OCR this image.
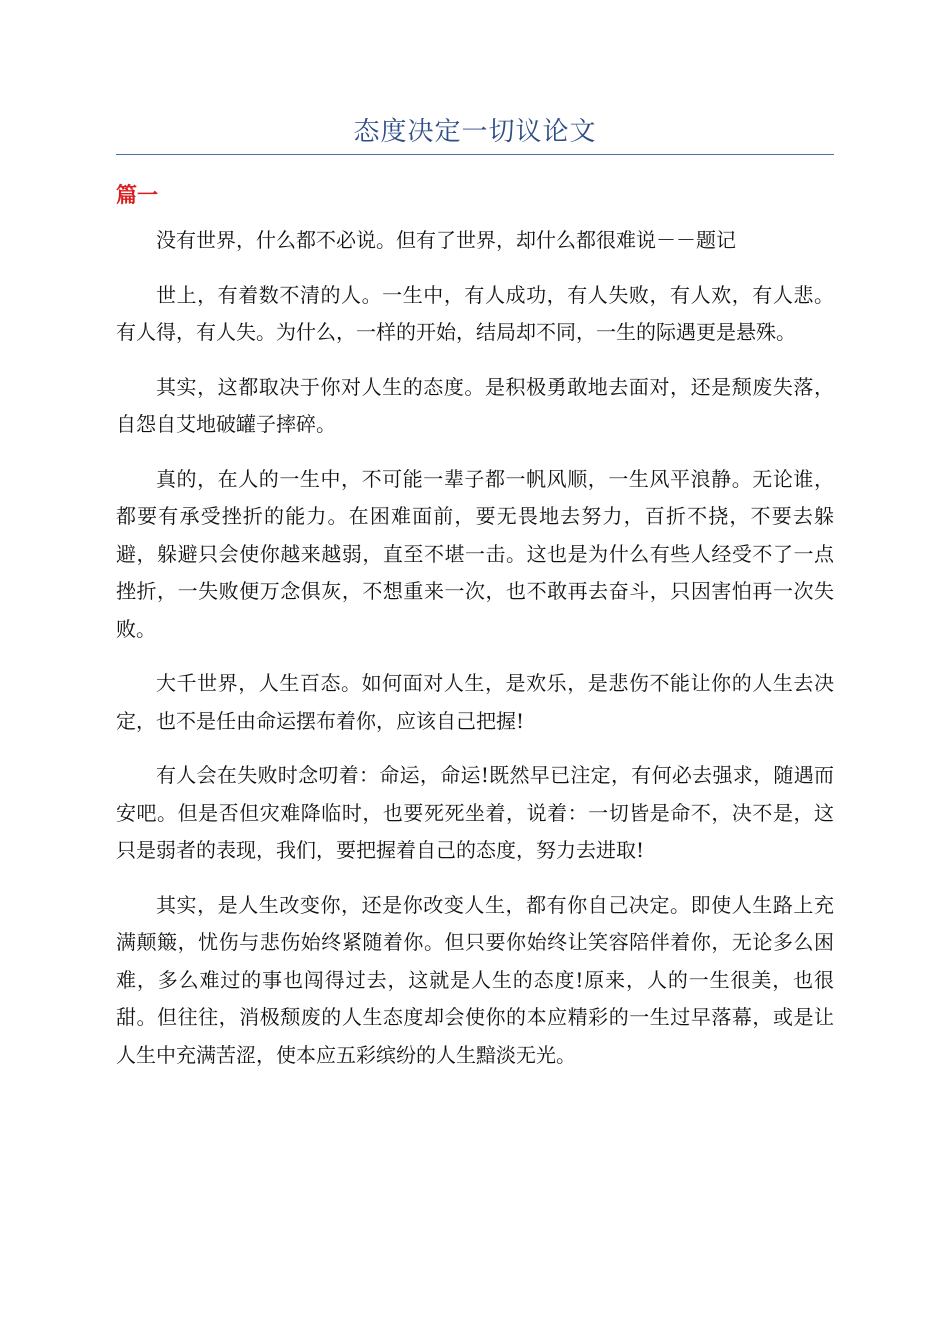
态度决定一切议论文
篇一

没有世界，什么都不必说。但有了世界，却什么都很难说－－题记

世上，有着数不清的人。一生中，有人成功，有人失败，有人欢，有人悲。有人得，有人失。为什么，一样的开始，结局却不同，一生的际遇更是悬殊。

其实，这都取决于你对人生的态度。是积极勇敢地去面对，还是颓废失落，自怨自艾地破罐子摔碎。

真的，在人的一生中，不可能一辈子都一帆风顺，一生风平浪静。无论谁，都要有承受挫折的能力。在困难面前，要无畏地去努力，百折不挠，不要去躲避，躲避只会使你越来越弱，直至不堪一击。这也是为什么有些人经受不了一点挫折，一失败便万念俱灰，不想重来一次，也不敢再去奋斗，只因害怕再一次失败。

大千世界，人生百态。如何面对人生，是欢乐，是悲伤不能让你的人生去决定，也不是任由命运摆布着你，应该自己把握!

有人会在失败时念叨着：命运，命运!既然早已注定，有何必去强求，随遇而安吧。但是否但灾难降临时，也要死死坐着，说着：一切皆是命不，决不是，这只是弱者的表现，我们，要把握着自己的态度，努力去进取!

其实，是人生改变你，还是你改变人生，都有你自己决定。即使人生路上充满颠簸，忧伤与悲伤始终紧随着你。但只要你始终让笑容陪伴着你，无论多么困难，多么难过的事也闯得过去，这就是人生的态度!原来，人的一生很美，也很甜。但往往，消极颓废的人生态度却会使你的本应精彩的一生过早落幕，或是让人生中充满苦涩，使本应五彩缤纷的人生黯淡无光。
